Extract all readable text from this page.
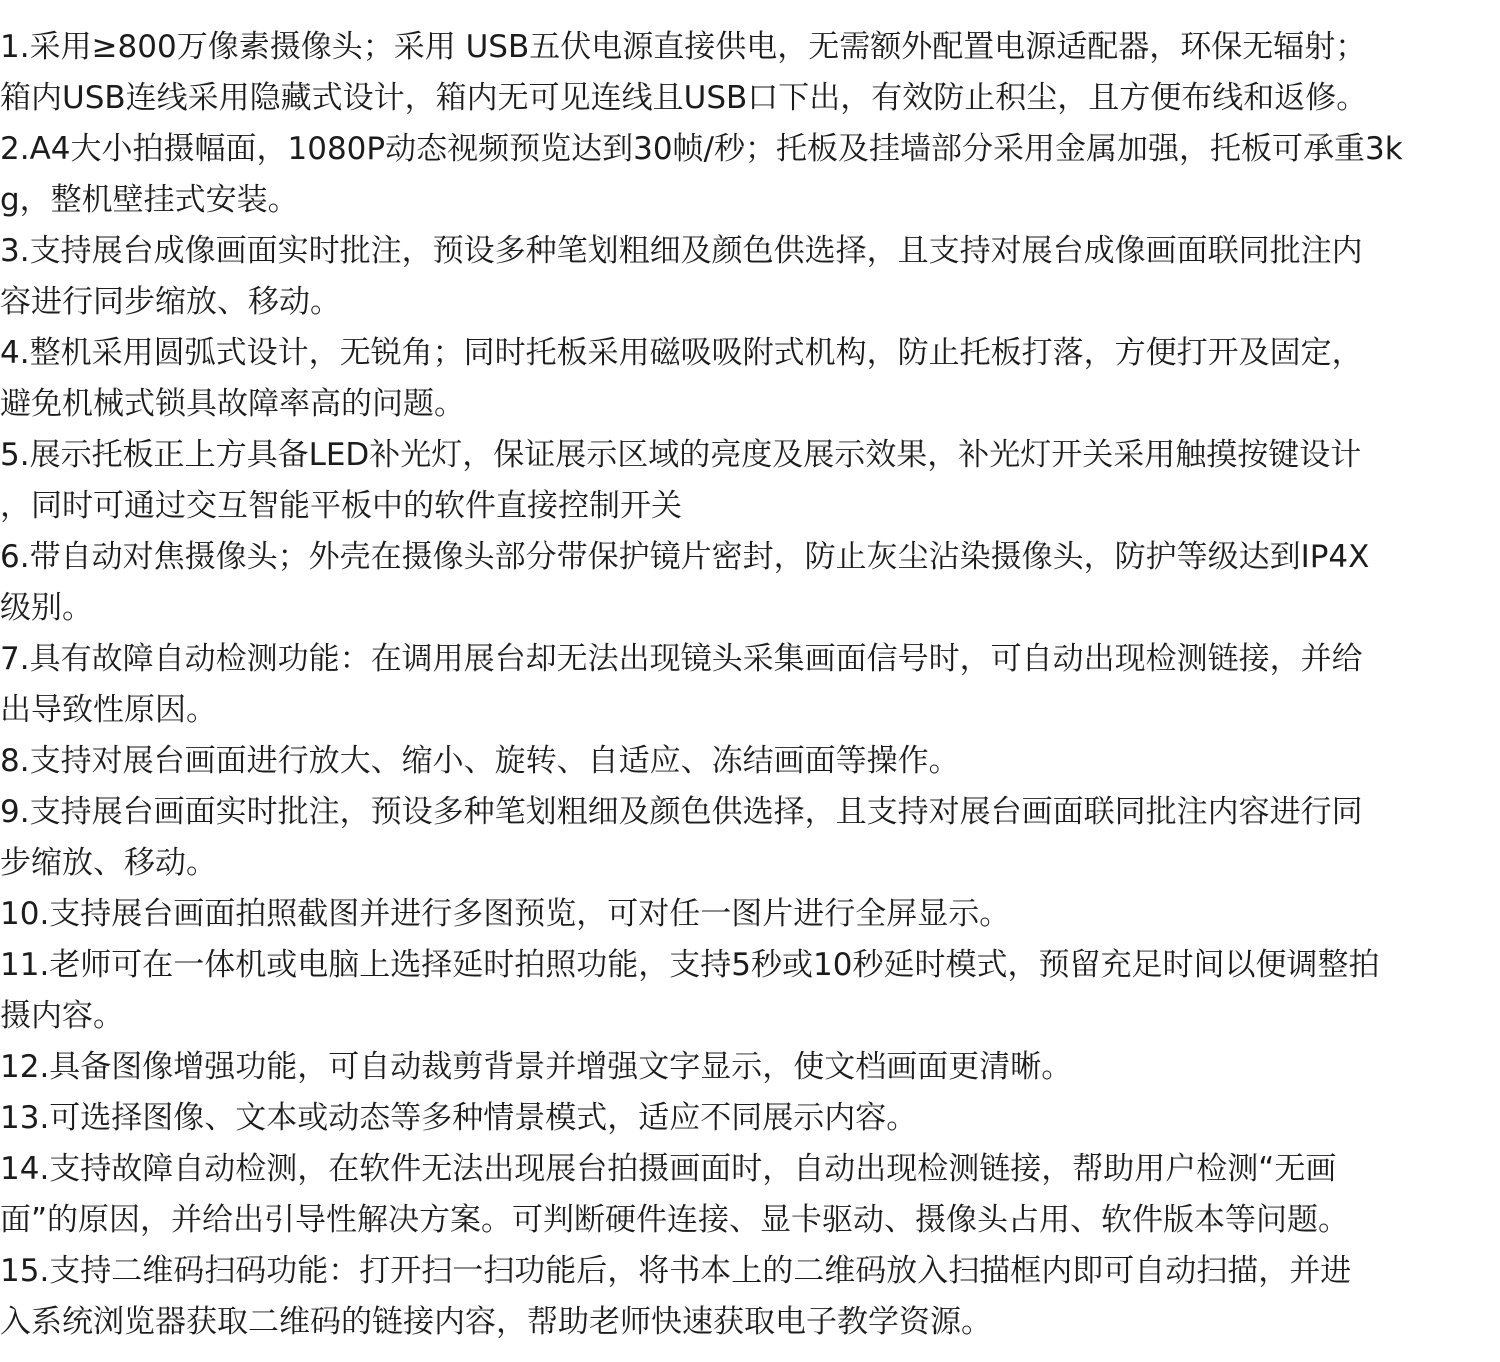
1.采用≥800万像素摄像头；采用 USB五伏电源直接供电，无需额外配置电源适配器，环保无辐射；
箱内USB连线采用隐藏式设计，箱内无可见连线且USB口下出，有效防止积尘，且方便布线和返修。
2.A4大小拍摄幅面，1080P动态视频预览达到30帧/秒；托板及挂墙部分采用金属加强，托板可承重3k
g，整机壁挂式安装。
3.支持展台成像画面实时批注，预设多种笔划粗细及颜色供选择，且支持对展台成像画面联同批注内
容进行同步缩放、移动。
4.整机采用圆弧式设计，无锐角；同时托板采用磁吸吸附式机构，防止托板打落，方便打开及固定，
避免机械式锁具故障率高的问题。
5.展示托板正上方具备LED补光灯，保证展示区域的亮度及展示效果，补光灯开关采用触摸按键设计
，同时可通过交互智能平板中的软件直接控制开关
6.带自动对焦摄像头；外壳在摄像头部分带保护镜片密封，防止灰尘沾染摄像头，防护等级达到IP4X
级别。
7.具有故障自动检测功能：在调用展台却无法出现镜头采集画面信号时，可自动出现检测链接，并给
出导致性原因。
8.支持对展台画面进行放大、缩小、旋转、自适应、冻结画面等操作。
9.支持展台画面实时批注，预设多种笔划粗细及颜色供选择，且支持对展台画面联同批注内容进行同
步缩放、移动。
10.支持展台画面拍照截图并进行多图预览，可对任一图片进行全屏显示。
11.老师可在一体机或电脑上选择延时拍照功能，支持5秒或10秒延时模式，预留充足时间以便调整拍
摄内容。
12.具备图像增强功能，可自动裁剪背景并增强文字显示，使文档画面更清晰。
13.可选择图像、文本或动态等多种情景模式，适应不同展示内容。
14.支持故障自动检测，在软件无法出现展台拍摄画面时，自动出现检测链接，帮助用户检测“无画
面”的原因，并给出引导性解决方案。可判断硬件连接、显卡驱动、摄像头占用、软件版本等问题。
15.支持二维码扫码功能：打开扫一扫功能后，将书本上的二维码放入扫描框内即可自动扫描，并进
入系统浏览器获取二维码的链接内容，帮助老师快速获取电子教学资源。
